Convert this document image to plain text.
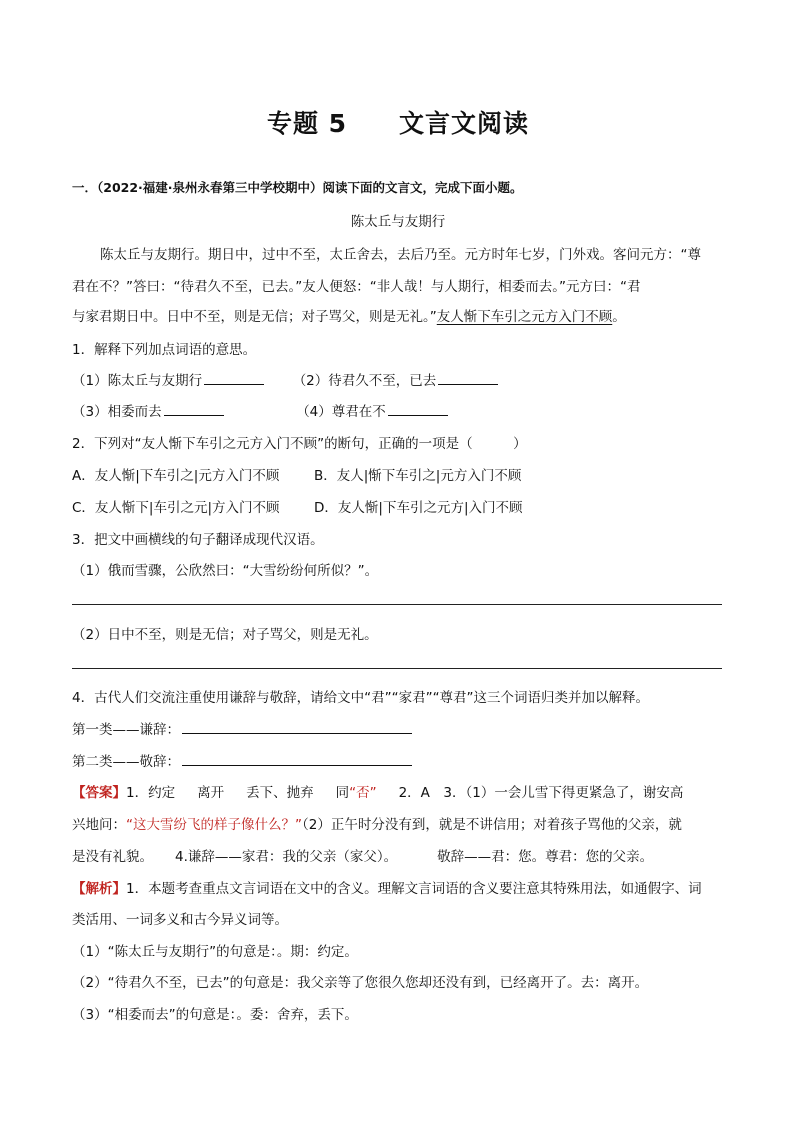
专题 5　　文言文阅读
一．（2022·福建·泉州永春第三中学校期中）阅读下面的文言文，完成下面小题。
陈太丘与友期行
陈太丘与友期行。期日中，过中不至，太丘舍去，去后乃至。元方时年七岁，门外戏。客问元方：“尊
君在不？”答曰：“待君久不至，已去。”友人便怒：“非人哉！与人期行，相委而去。”元方曰：“君
与家君期日中。日中不至，则是无信；对子骂父，则是无礼。”友人惭下车引之元方入门不顾。
1．解释下列加点词语的意思。
（1）陈太丘与友期行	（2）待君久不至，已去
（3）相委而去	（4）尊君在不
2．下列对“友人惭下车引之元方入门不顾”的断句，正确的一项是（　　　）
A．友人惭|下车引之|元方入门不顾	B．友人|惭下车引之|元方入门不顾
C．友人惭下|车引之元|方入门不顾	D．友人惭|下车引之元方|入门不顾
3．把文中画横线的句子翻译成现代汉语。
（1）俄而雪骤，公欣然曰：“大雪纷纷何所似？”。
（2）日中不至，则是无信；对子骂父，则是无礼。
4．古代人们交流注重使用谦辞与敬辞，请给文中“君”“家君”“尊君”这三个词语归类并加以解释。
第一类——谦辞：
第二类——敬辞：
【答案】1．约定 离开 丢下、抛弃 同“否” 2．A　3．（1）一会儿雪下得更紧急了，谢安高
兴地问：“这大雪纷飞的样子像什么？”（2）正午时分没有到，就是不讲信用；对着孩子骂他的父亲，就
是没有礼貌。 4.谦辞——家君：我的父亲（家父）。	敬辞——君：您。尊君：您的父亲。
【解析】1．本题考查重点文言词语在文中的含义。理解文言词语的含义要注意其特殊用法，如通假字、词
类活用、一词多义和古今异义词等。
（1）“陈太丘与友期行”的句意是：。期：约定。
（2）“待君久不至，已去”的句意是：我父亲等了您很久您却还没有到，已经离开了。去：离开。
（3）“相委而去”的句意是：。委：舍弃，丢下。
